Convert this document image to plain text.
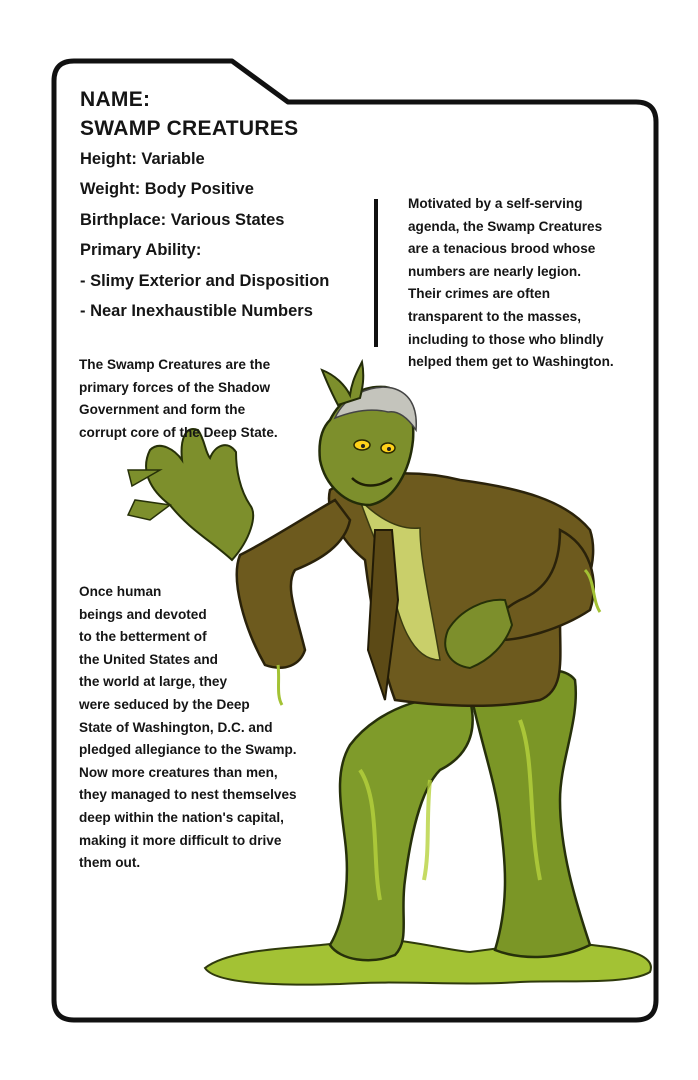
NAME:
SWAMP CREATURES
Height: Variable
Weight: Body Positive
Birthplace: Various States
Primary Ability:
- Slimy Exterior and Disposition
- Near Inexhaustible Numbers
Motivated by a self-serving
agenda, the Swamp Creatures
are a tenacious brood whose
numbers are nearly legion.
Their crimes are often
transparent to the masses,
including to those who blindly
helped them get to Washington.
The Swamp Creatures are the
primary forces of the Shadow
Government and form the
corrupt core of the Deep State.
Once human
beings and devoted
to the betterment of
the United States and
the world at large, they
were seduced by the Deep
State of Washington, D.C. and
pledged allegiance to the Swamp.
Now more creatures than men,
they managed to nest themselves
deep within the nation's capital,
making it more difficult to drive
them out.
